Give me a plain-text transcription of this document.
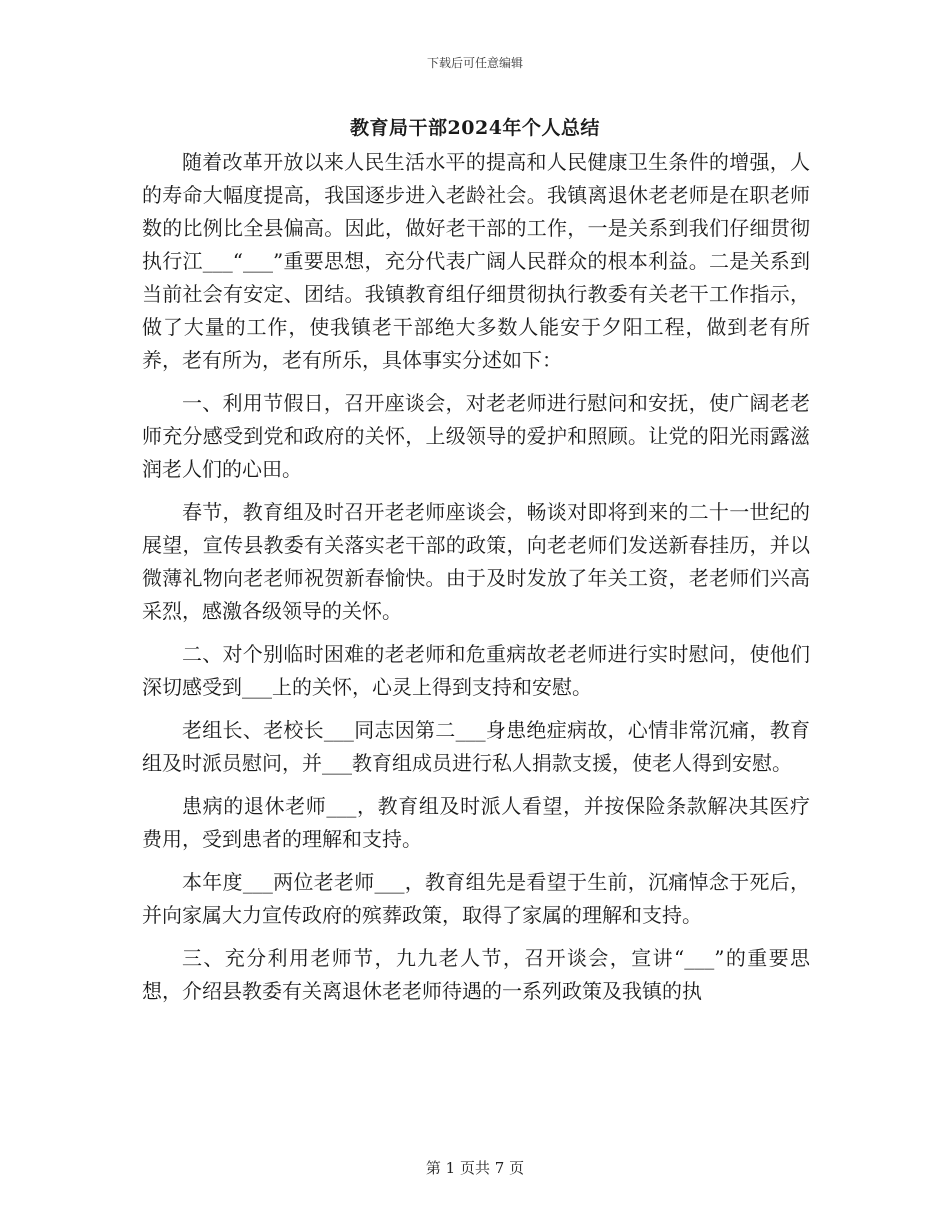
下载后可任意编辑
教育局干部2024年个人总结

随着改革开放以来人民生活水平的提高和人民健康卫生条件的增强，人的寿命大幅度提高，我国逐步进入老龄社会。我镇离退休老老师是在职老师数的比例比全县偏高。因此，做好老干部的工作，一是关系到我们仔细贯彻执行江___“___”重要思想，充分代表广阔人民群众的根本利益。二是关系到当前社会有安定、团结。我镇教育组仔细贯彻执行教委有关老干工作指示，做了大量的工作，使我镇老干部绝大多数人能安于夕阳工程，做到老有所养，老有所为，老有所乐，具体事实分述如下：

一、利用节假日，召开座谈会，对老老师进行慰问和安抚，使广阔老老师充分感受到党和政府的关怀，上级领导的爱护和照顾。让党的阳光雨露滋润老人们的心田。

春节，教育组及时召开老老师座谈会，畅谈对即将到来的二十一世纪的展望，宣传县教委有关落实老干部的政策，向老老师们发送新春挂历，并以微薄礼物向老老师祝贺新春愉快。由于及时发放了年关工资，老老师们兴高采烈，感激各级领导的关怀。

二、对个别临时困难的老老师和危重病故老老师进行实时慰问，使他们深切感受到___上的关怀，心灵上得到支持和安慰。

老组长、老校长___同志因第二___身患绝症病故，心情非常沉痛，教育组及时派员慰问，并___教育组成员进行私人捐款支援，使老人得到安慰。

患病的退休老师___，教育组及时派人看望，并按保险条款解决其医疗费用，受到患者的理解和支持。

本年度___两位老老师___，教育组先是看望于生前，沉痛悼念于死后，并向家属大力宣传政府的殡葬政策，取得了家属的理解和支持。

三、充分利用老师节，九九老人节，召开谈会，宣讲“___”的重要思想，介绍县教委有关离退休老老师待遇的一系列政策及我镇的执

第 1 页共 7 页
